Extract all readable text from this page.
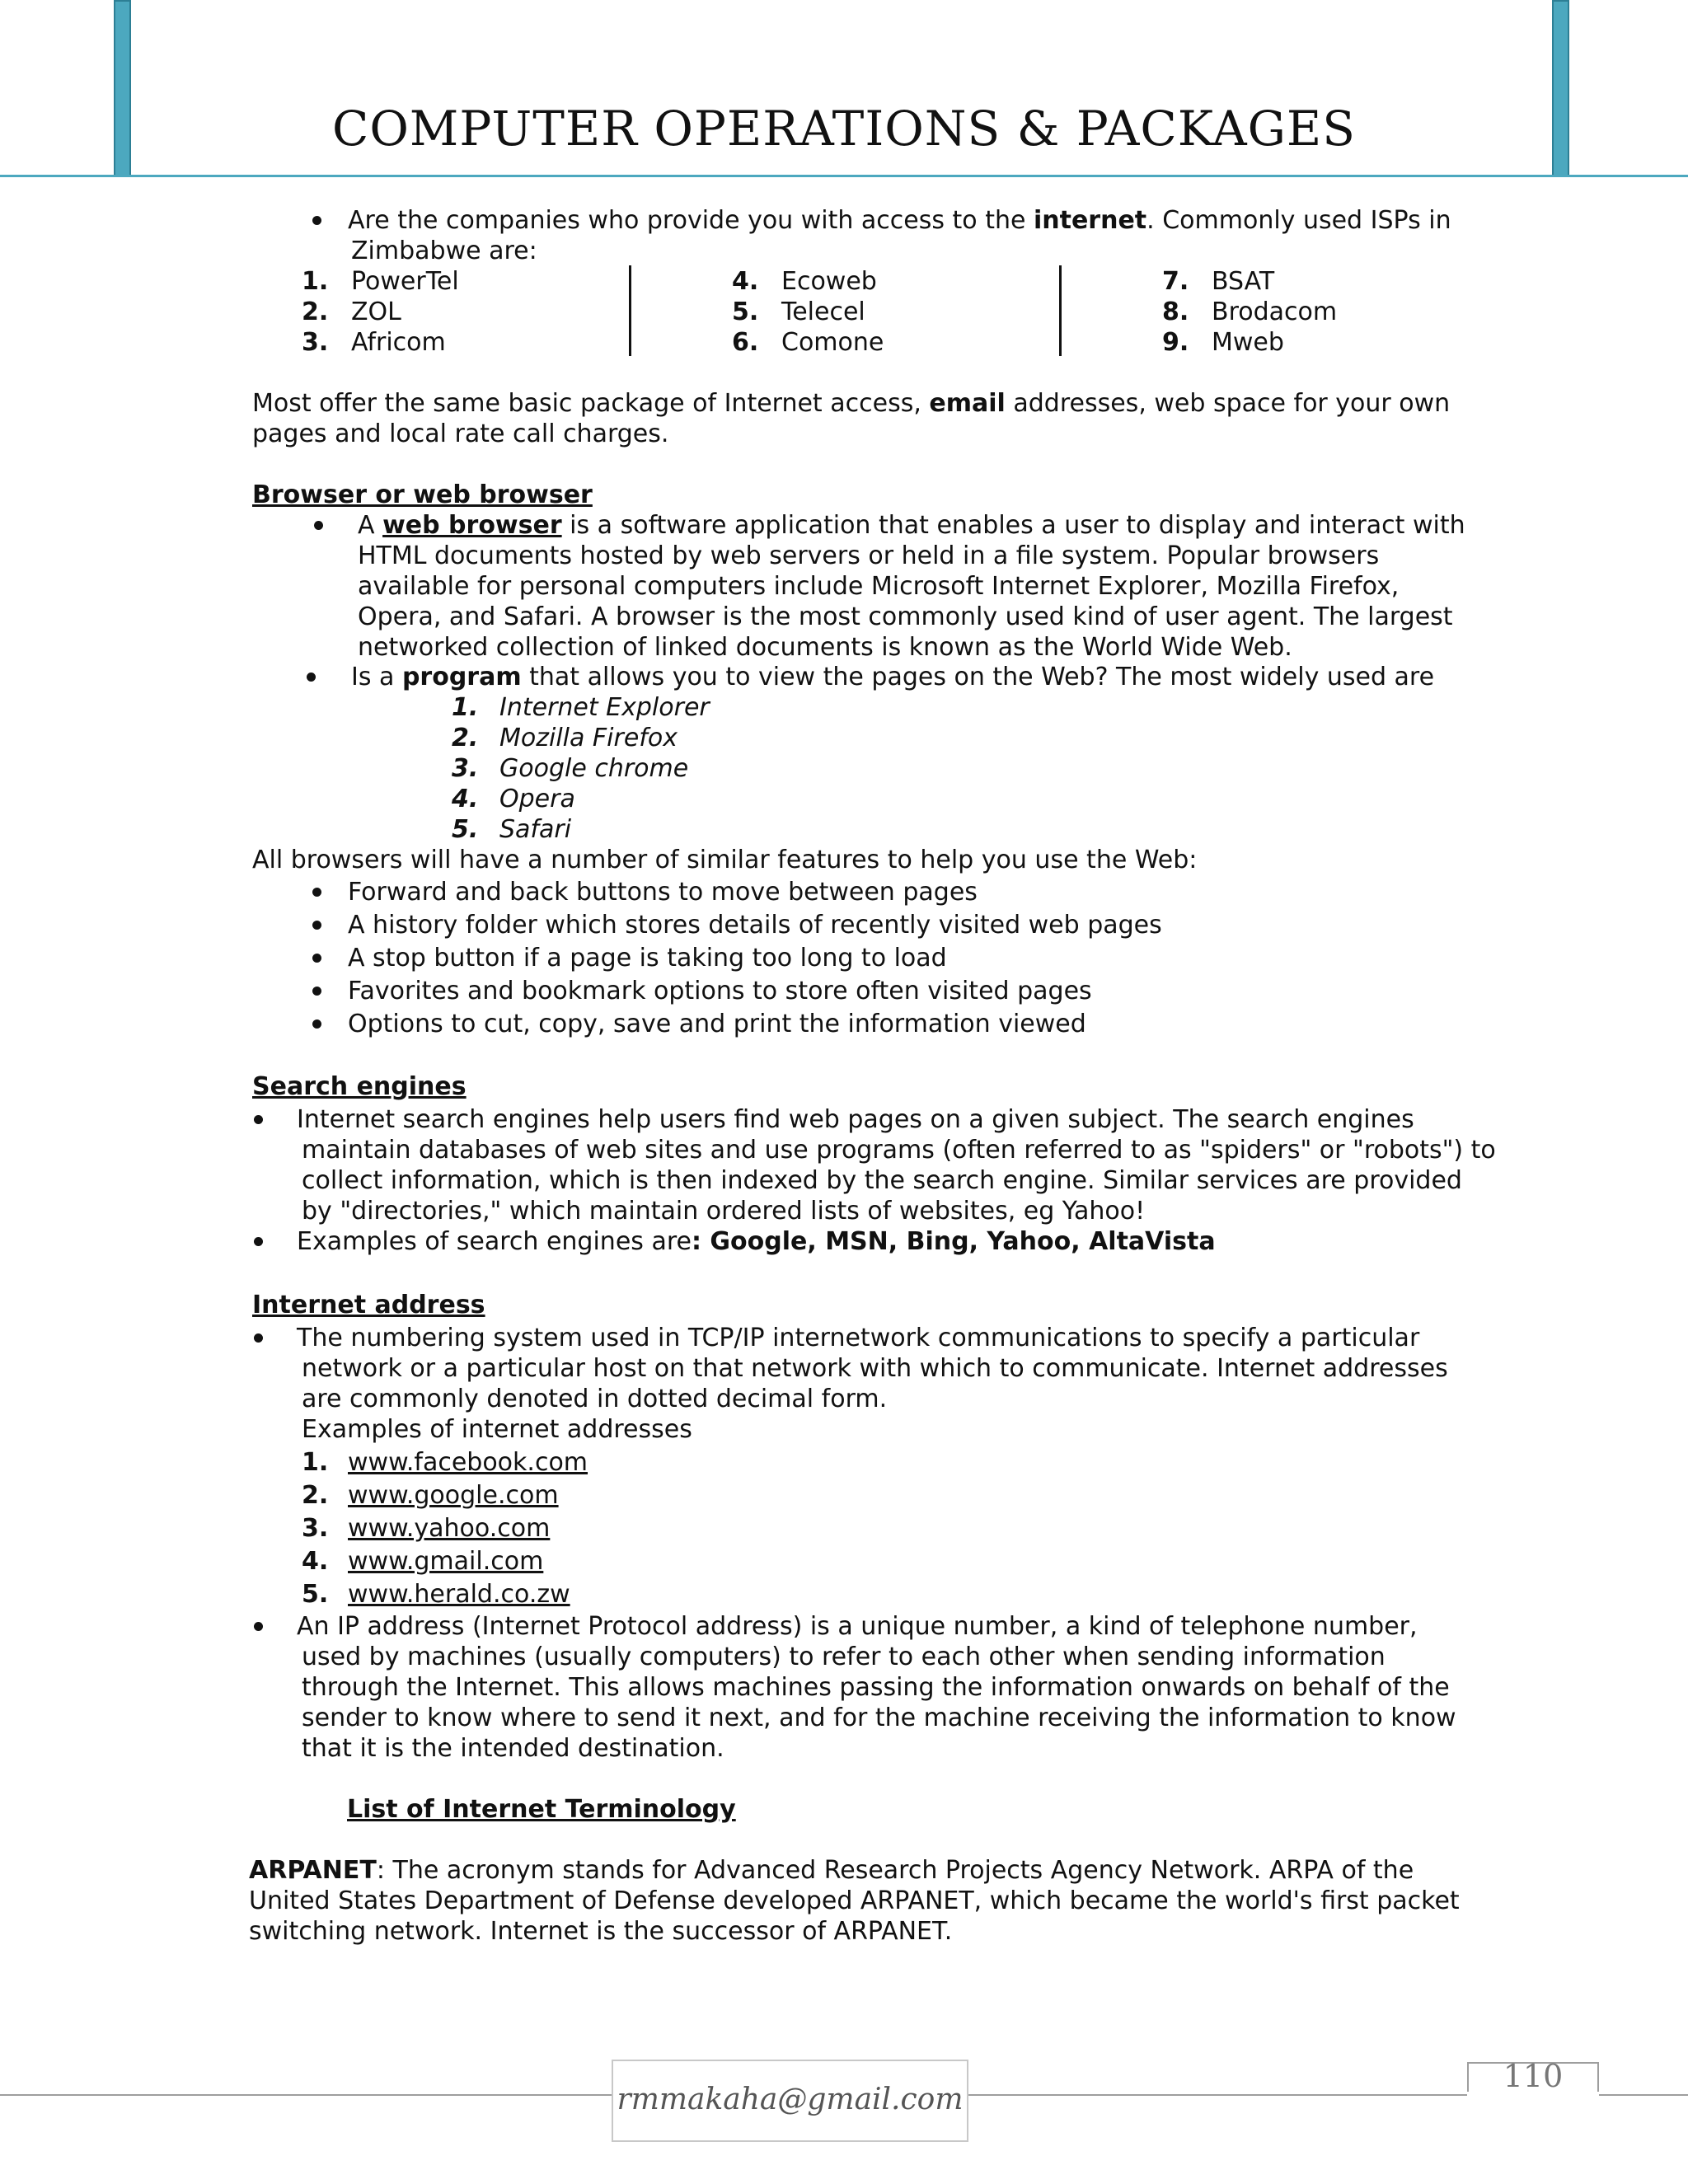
COMPUTER OPERATIONS & PACKAGES
Are the companies who provide you with access to the internet. Commonly used ISPs in
Zimbabwe are:
1. PowerTel
2. ZOL
3. Africom
4. Ecoweb
5. Telecel
6. Comone
7. BSAT
8. Brodacom
9. Mweb
Most offer the same basic package of Internet access, email addresses, web space for your own
pages and local rate call charges.
Browser or web browser
A web browser is a software application that enables a user to display and interact with
HTML documents hosted by web servers or held in a file system. Popular browsers
available for personal computers include Microsoft Internet Explorer, Mozilla Firefox,
Opera, and Safari. A browser is the most commonly used kind of user agent. The largest
networked collection of linked documents is known as the World Wide Web.
Is a program that allows you to view the pages on the Web? The most widely used are
1. Internet Explorer
2. Mozilla Firefox
3. Google chrome
4. Opera
5. Safari
All browsers will have a number of similar features to help you use the Web:
Forward and back buttons to move between pages
A history folder which stores details of recently visited web pages
A stop button if a page is taking too long to load
Favorites and bookmark options to store often visited pages
Options to cut, copy, save and print the information viewed
Search engines
Internet search engines help users find web pages on a given subject. The search engines
maintain databases of web sites and use programs (often referred to as "spiders" or "robots") to
collect information, which is then indexed by the search engine. Similar services are provided
by "directories," which maintain ordered lists of websites, eg Yahoo!
Examples of search engines are: Google, MSN, Bing, Yahoo, AltaVista
Internet address
The numbering system used in TCP/IP internetwork communications to specify a particular
network or a particular host on that network with which to communicate. Internet addresses
are commonly denoted in dotted decimal form.
Examples of internet addresses
1. www.facebook.com
2. www.google.com
3. www.yahoo.com
4. www.gmail.com
5. www.herald.co.zw
An IP address (Internet Protocol address) is a unique number, a kind of telephone number,
used by machines (usually computers) to refer to each other when sending information
through the Internet. This allows machines passing the information onwards on behalf of the
sender to know where to send it next, and for the machine receiving the information to know
that it is the intended destination.
List of Internet Terminology
ARPANET: The acronym stands for Advanced Research Projects Agency Network. ARPA of the
United States Department of Defense developed ARPANET, which became the world's first packet
switching network. Internet is the successor of ARPANET.
rmmakaha@gmail.com
110
